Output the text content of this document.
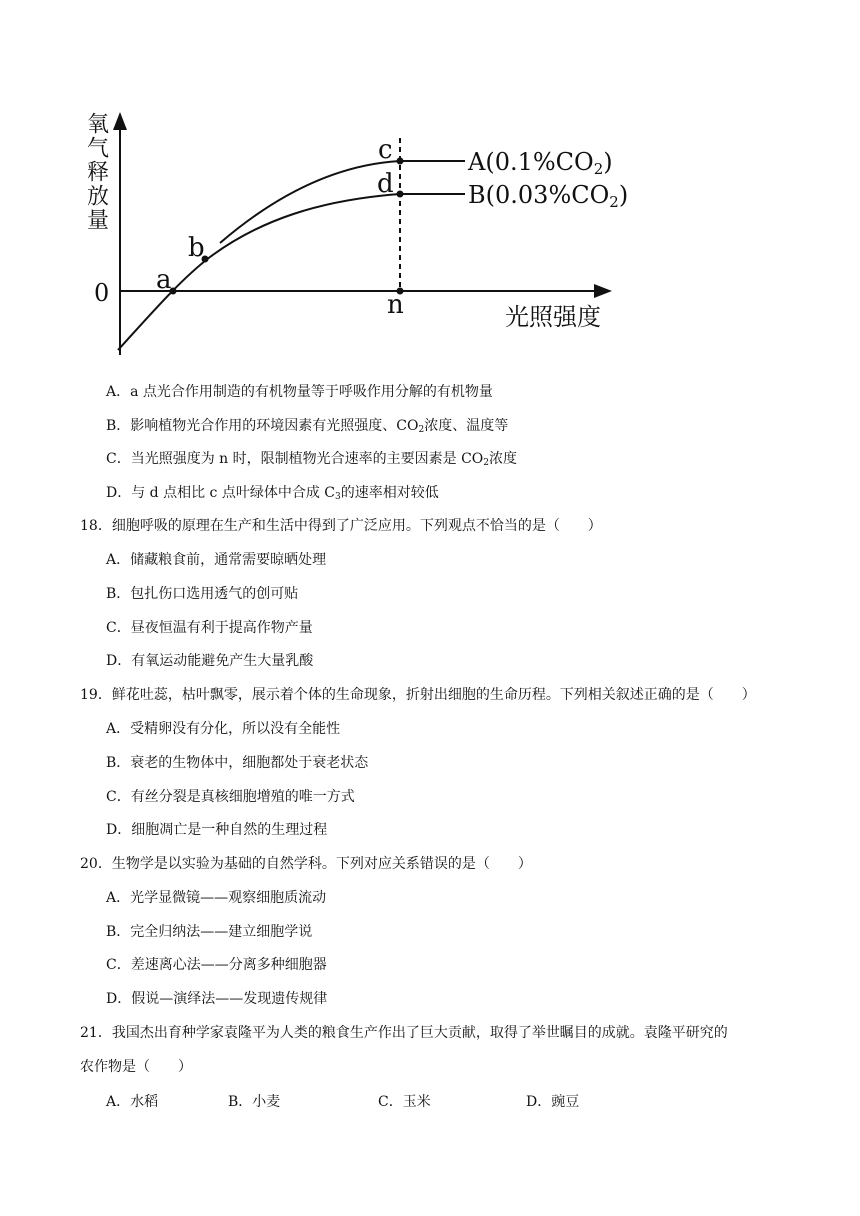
氧气释放量
0
光照强度
a
b
c
d
n
A(0.1%CO2)
B(0.03%CO2)
A．a 点光合作用制造的有机物量等于呼吸作用分解的有机物量
B．影响植物光合作用的环境因素有光照强度、$CO_2$浓度、温度等
C．当光照强度为 n 时，限制植物光合速率的主要因素是 $CO_2$浓度
D．与 d 点相比 c 点叶绿体中合成 $C_3$的速率相对较低
18．细胞呼吸的原理在生产和生活中得到了广泛应用。下列观点不恰当的是（　　）
A．储藏粮食前，通常需要晾晒处理
B．包扎伤口选用透气的创可贴
C．昼夜恒温有利于提高作物产量
D．有氧运动能避免产生大量乳酸
19．鲜花吐蕊，枯叶飘零，展示着个体的生命现象，折射出细胞的生命历程。下列相关叙述正确的是（　　）
A．受精卵没有分化，所以没有全能性
B．衰老的生物体中，细胞都处于衰老状态
C．有丝分裂是真核细胞增殖的唯一方式
D．细胞凋亡是一种自然的生理过程
20．生物学是以实验为基础的自然学科。下列对应关系错误的是（　　）
A．光学显微镜——观察细胞质流动
B．完全归纳法——建立细胞学说
C．差速离心法——分离多种细胞器
D．假说—演绎法——发现遗传规律
21．我国杰出育种学家袁隆平为人类的粮食生产作出了巨大贡献，取得了举世瞩目的成就。袁隆平研究的
农作物是（　　）
A．水稻	B．小麦	C．玉米	D．豌豆
